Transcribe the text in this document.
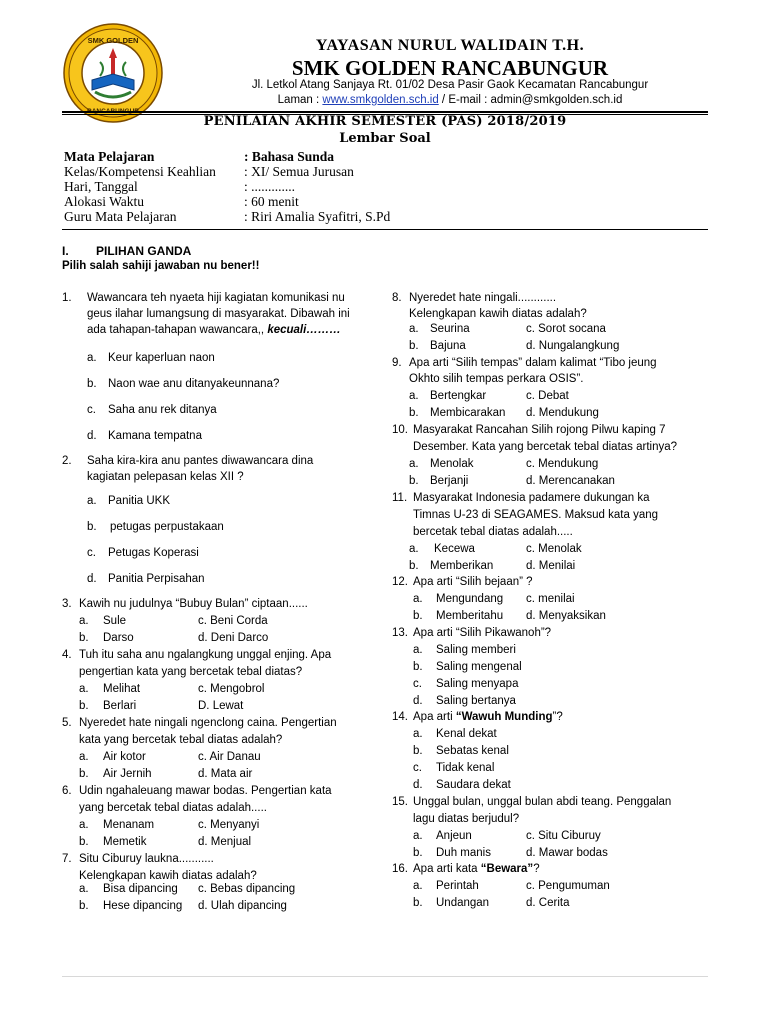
SMK GOLDEN
RANCABUNGUR
YAYASAN NURUL WALIDAIN T.H.
SMK GOLDEN RANCABUNGUR
Jl. Letkol Atang Sanjaya Rt. 01/02 Desa Pasir Gaok Kecamatan Rancabungur
Laman : www.smkgolden.sch.id / E-mail : admin@smkgolden.sch.id
PENILAIAN AKHIR SEMESTER (PAS) 2018/2019
Lembar Soal
Mata Pelajaran	: Bahasa Sunda
Kelas/Kompetensi Keahlian : XI/ Semua Jurusan
Hari, Tanggal	: .............
Alokasi Waktu	: 60 menit
Guru Mata Pelajaran	: Riri Amalia Syafitri, S.Pd
I. PILIHAN GANDA
Pilih salah sahiji jawaban nu bener!!
1. Wawancara teh nyaeta hiji kagiatan komunikasi nu
geus ilahar lumangsung di masyarakat. Dibawah ini
ada tahapan-tahapan wawancara,, kecuali………
a. Keur kaperluan naon
b. Naon wae anu ditanyakeunnana?
c. Saha anu rek ditanya
d. Kamana tempatna
2. Saha kira-kira anu pantes diwawancara dina
kagiatan pelepasan kelas XII ?
a. Panitia UKK
b. petugas perpustakaan
c. Petugas Koperasi
d. Panitia Perpisahan
3. Kawih nu judulnya “Bubuy Bulan” ciptaan......
a. Sule	c. Beni Corda
b. Darso	d. Deni Darco
4. Tuh itu saha anu ngalangkung unggal enjing. Apa
pengertian kata yang bercetak tebal diatas?
a. Melihat	c. Mengobrol
b. Berlari	D. Lewat
5. Nyeredet hate ningali ngenclong caina. Pengertian
kata yang bercetak tebal diatas adalah?
a. Air kotor	c. Air Danau
b. Air Jernih	d. Mata air
6. Udin ngahaleuang mawar bodas. Pengertian kata
yang bercetak tebal diatas adalah.....
a. Menanam	c. Menyanyi
b. Memetik	d. Menjual
7. Situ Ciburuy laukna...........
Kelengkapan kawih diatas adalah?
a. Bisa dipancing c. Bebas dipancing
b. Hese dipancing d. Ulah dipancing
8. Nyeredet hate ningali............
Kelengkapan kawih diatas adalah?
a. Seurina	c. Sorot socana
b. Bajuna	d. Nungalangkung
9. Apa arti “Silih tempas” dalam kalimat “Tibo jeung
Okhto silih tempas perkara OSIS”.
a. Bertengkar	c. Debat
b. Membicarakan d. Mendukung
10. Masyarakat Rancahan Silih rojong Pilwu kaping 7
Desember. Kata yang bercetak tebal diatas artinya?
a. Menolak	c. Mendukung
b. Berjanji	d. Merencanakan
11. Masyarakat Indonesia padamere dukungan ka
Timnas U-23 di SEAGAMES. Maksud kata yang
bercetak tebal diatas adalah.....
a. Kecewa	c. Menolak
b. Memberikan	d. Menilai
12. Apa arti “Silih bejaan” ?
a. Mengundang c. menilai
b. Memberitahu d. Menyaksikan
13. Apa arti “Silih Pikawanoh”?
a. Saling memberi
b. Saling mengenal
c. Saling menyapa
d. Saling bertanya
14. Apa arti “Wawuh Munding”?
a. Kenal dekat
b. Sebatas kenal
c. Tidak kenal
d. Saudara dekat
15. Unggal bulan, unggal bulan abdi teang. Penggalan
lagu diatas berjudul?
a. Anjeun	c. Situ Ciburuy
b. Duh manis	d. Mawar bodas
16. Apa arti kata “Bewara”?
a. Perintah	c. Pengumuman
b. Undangan	d. Cerita
